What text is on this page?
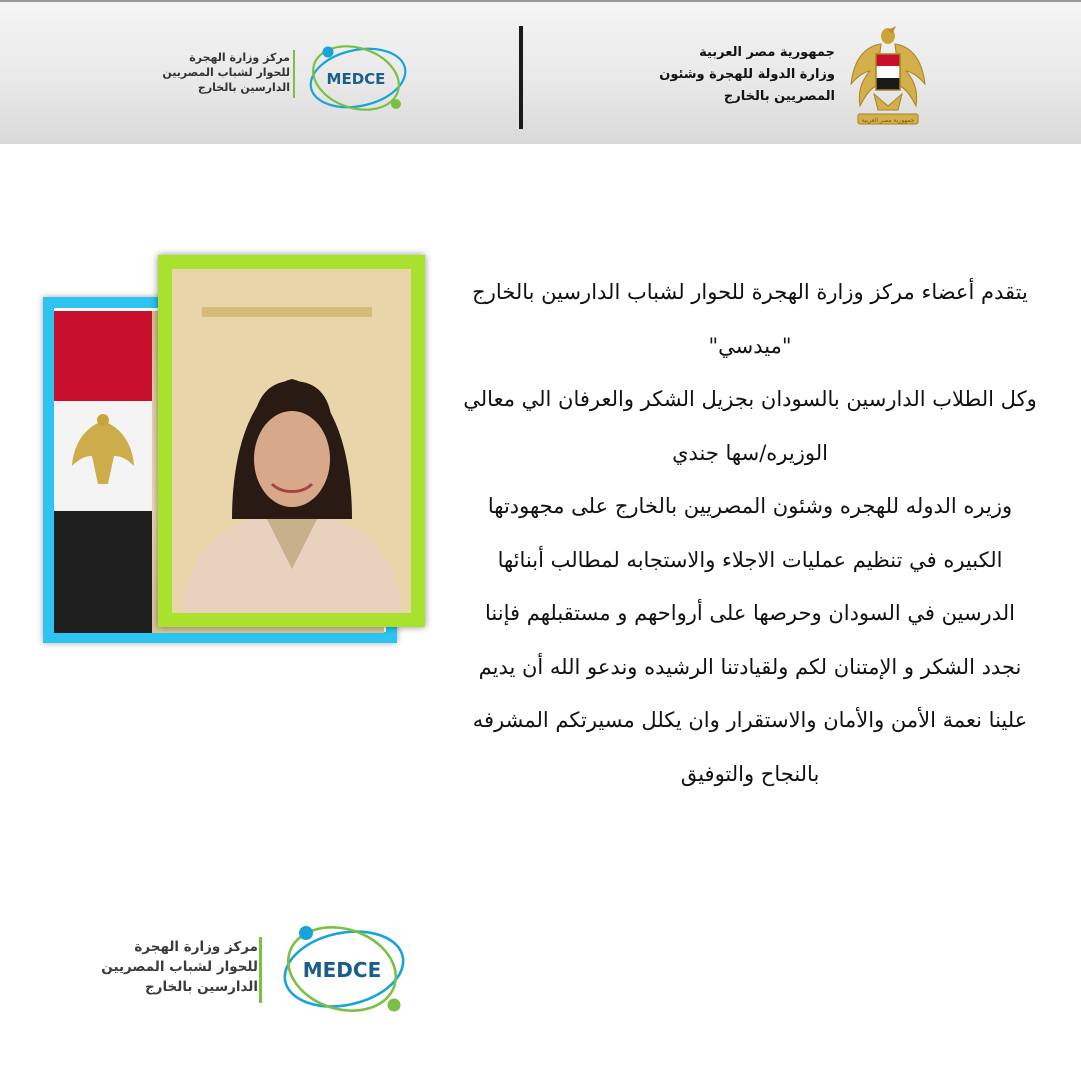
جمهورية مصر العربية
جمهورية مصر العربية
وزارة الدولة للهجرة وشئون
المصريين بالخارج
MEDCE
مركز وزارة الهجرة
للحوار لشباب المصريين
الدارسين بالخارج

يتقدم أعضاء مركز وزارة الهجرة للحوار لشباب الدارسين بالخارج

"ميدسي"

وكل الطلاب الدارسين بالسودان بجزيل الشكر والعرفان الي معالي

الوزيره/سها جندي

وزيره الدوله للهجره وشئون المصريين بالخارج على مجهودتها

الكبيره في تنظيم عمليات الاجلاء والاستجابه لمطالب أبنائها

الدرسين في السودان وحرصها على أرواحهم و مستقبلهم فإننا

نجدد الشكر و الإمتنان لكم ولقيادتنا الرشيده وندعو الله أن يديم

علينا نعمة الأمن والأمان والاستقرار وان يكلل مسيرتكم المشرفه

بالنجاح والتوفيق

MEDCE
مركز وزارة الهجرة
للحوار لشباب المصريين
الدارسين بالخارج
